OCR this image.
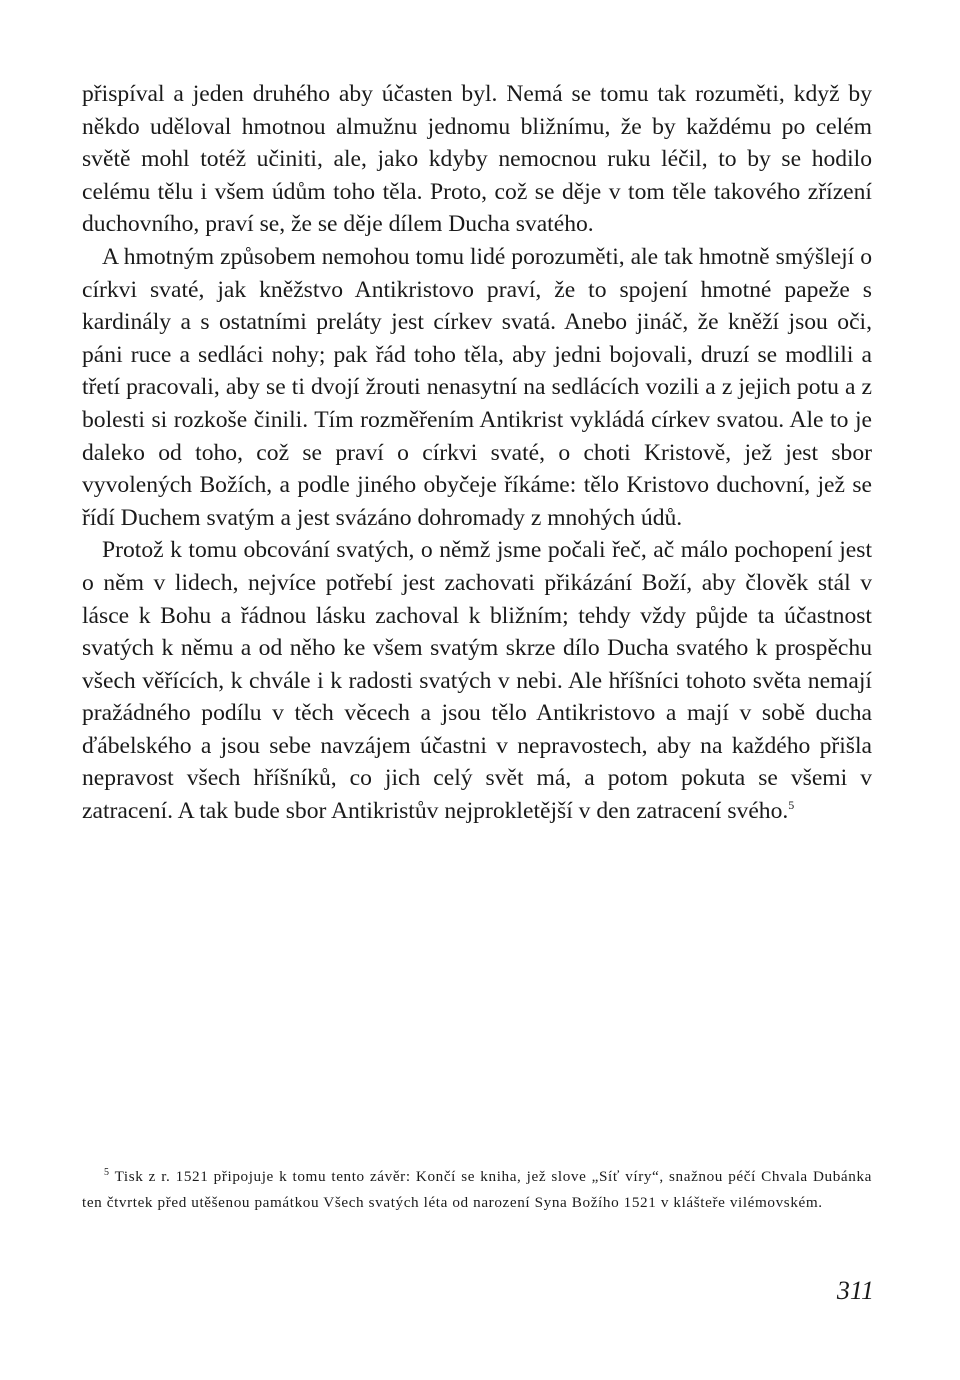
přispíval a jeden druhého aby účasten byl. Nemá se tomu tak rozuměti, když by někdo uděloval hmotnou almužnu jednomu bližnímu, že by každému po celém světě mohl totéž učiniti, ale, jako kdyby nemocnou ruku léčil, to by se hodilo celému tělu i všem údům toho těla. Proto, což se děje v tom těle takového zřízení duchovního, praví se, že se děje dílem Ducha svatého.

A hmotným způsobem nemohou tomu lidé porozuměti, ale tak hmotně smýšlejí o církvi svaté, jak kněžstvo Antikristovo praví, že to spojení hmotné papeže s kardinály a s ostatními preláty jest církev svatá. Anebo jináč, že kněží jsou oči, páni ruce a sedláci nohy; pak řád toho těla, aby jedni bojovali, druzí se modlili a třetí pracovali, aby se ti dvojí žrouti nenasytní na sedlácích vozili a z jejich potu a z bolesti si rozkoše činili. Tím rozměřením Antikrist vykládá církev svatou. Ale to je daleko od toho, což se praví o církvi svaté, o choti Kristově, jež jest sbor vyvolených Božích, a podle jiného obyčeje říkáme: tělo Kristovo duchovní, jež se řídí Duchem svatým a jest svázáno dohromady z mnohých údů.

Protož k tomu obcování svatých, o němž jsme počali řeč, ač málo pochopení jest o něm v lidech, nejvíce potřebí jest zachovati přikázání Boží, aby člověk stál v lásce k Bohu a řádnou lásku zachoval k bližním; tehdy vždy půjde ta účastnost svatých k němu a od něho ke všem svatým skrze dílo Ducha svatého k prospěchu všech věřících, k chvále i k radosti svatých v nebi. Ale hříšníci tohoto světa nemají pražádného podílu v těch věcech a jsou tělo Antikristovo a mají v sobě ducha ďábelského a jsou sebe navzájem účastni v nepravostech, aby na každého přišla nepravost všech hříšníků, co jich celý svět má, a potom pokuta se všemi v zatracení. A tak bude sbor Antikristův nejprokletější v den zatracení svého.$^5$

$^5$ Tisk z r. 1521 připojuje k tomu tento závěr: Končí se kniha, jež slove „Síť víry“, snažnou péčí Chvala Dubánka ten čtvrtek před utěšenou památkou Všech svatých léta od narození Syna Božího 1521 v klášteře vilémovském.

311
